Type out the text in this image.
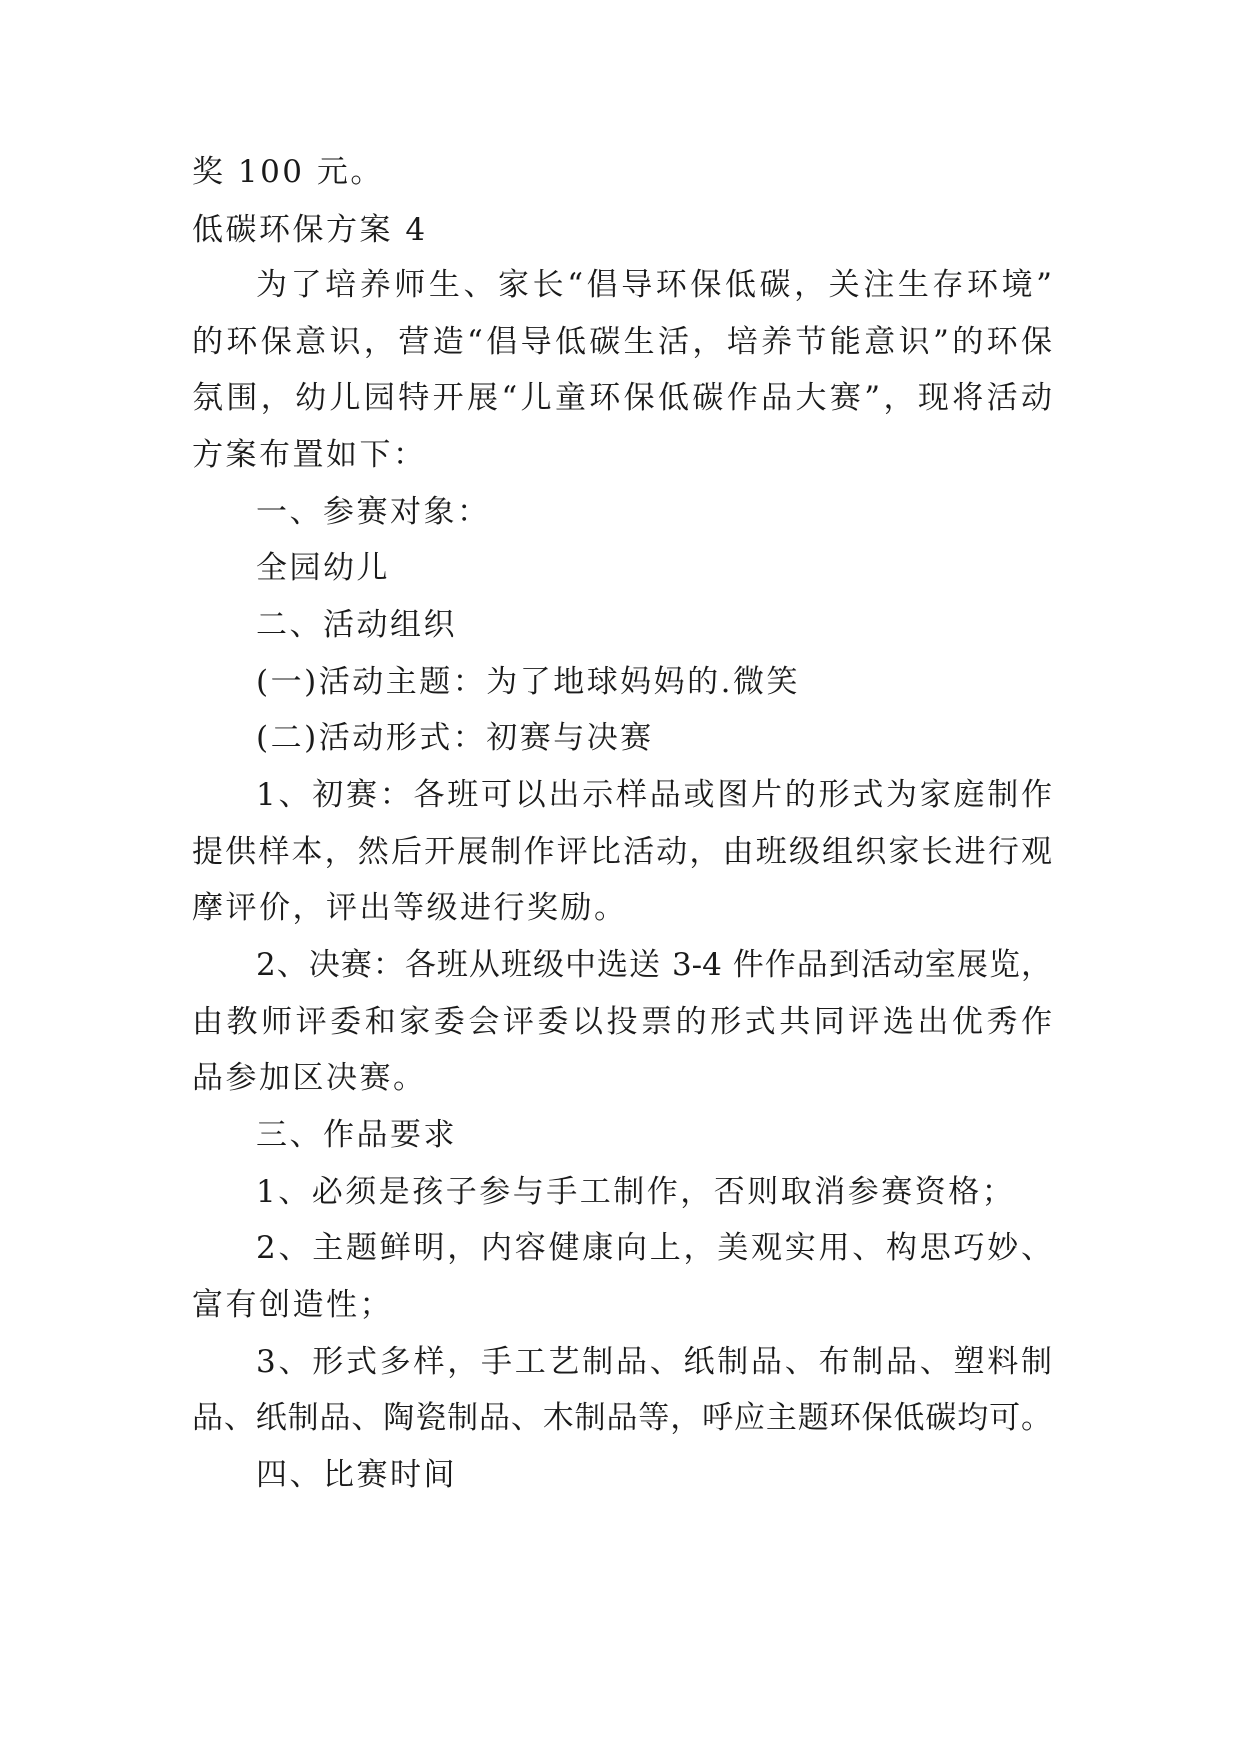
奖 100 元。
低碳环保方案 4
为了培养师生、家长“倡导环保低碳，关注生存环境”
的环保意识，营造“倡导低碳生活，培养节能意识”的环保
氛围，幼儿园特开展“儿童环保低碳作品大赛”，现将活动
方案布置如下：
一、参赛对象：
全园幼儿
二、活动组织
(一)活动主题：为了地球妈妈的.微笑
(二)活动形式：初赛与决赛
1、初赛：各班可以出示样品或图片的形式为家庭制作
提供样本，然后开展制作评比活动，由班级组织家长进行观
摩评价，评出等级进行奖励。
2、决赛：各班从班级中选送 3-4 件作品到活动室展览，
由教师评委和家委会评委以投票的形式共同评选出优秀作
品参加区决赛。
三、作品要求
1、必须是孩子参与手工制作，否则取消参赛资格；
2、主题鲜明，内容健康向上，美观实用、构思巧妙、
富有创造性；
3、形式多样，手工艺制品、纸制品、布制品、塑料制
品、纸制品、陶瓷制品、木制品等，呼应主题环保低碳均可。
四、比赛时间
